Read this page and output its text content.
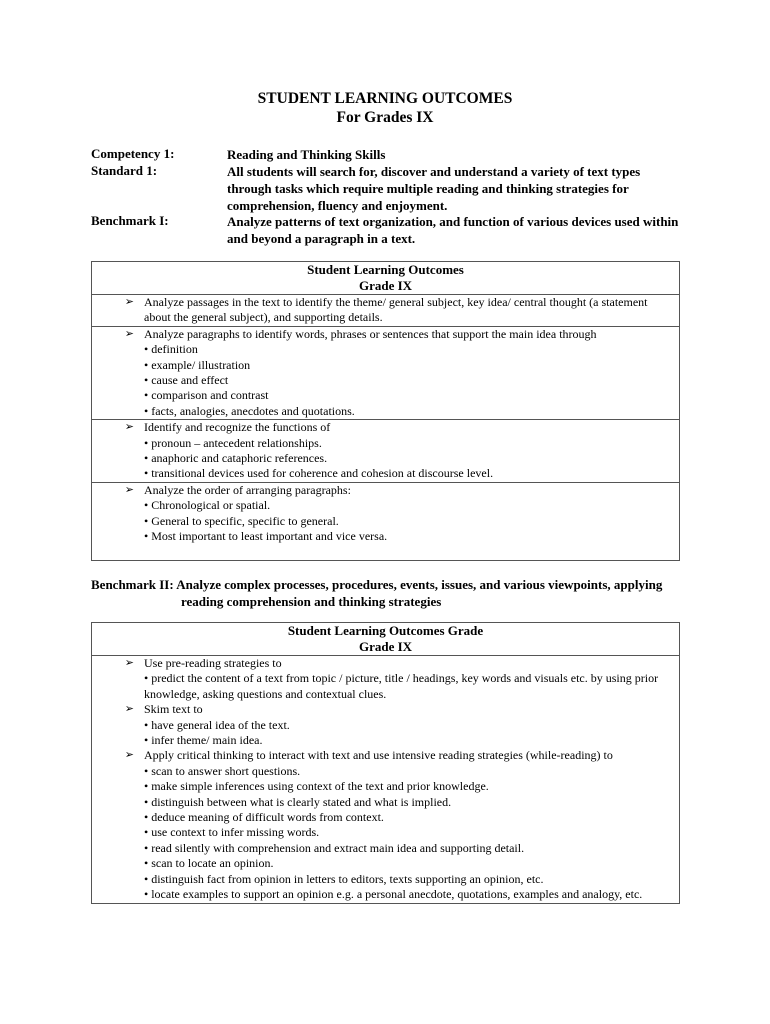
STUDENT LEARNING OUTCOMES
For Grades IX
Competency 1:	Reading and Thinking Skills
Standard 1:	All students will search for, discover and understand a variety of text types through tasks which require multiple reading and thinking strategies for comprehension, fluency and enjoyment.
Benchmark I:	Analyze patterns of text organization, and function of various devices used within and beyond a paragraph in a text.
Student Learning Outcomes
Grade IX

➢ Analyze passages in the text to identify the theme/ general subject, key idea/ central thought (a statement about the general subject), and supporting details.

➢ Analyze paragraphs to identify words, phrases or sentences that support the main idea through
• definition
• example/ illustration
• cause and effect
• comparison and contrast
• facts, analogies, anecdotes and quotations.

➢ Identify and recognize the functions of
• pronoun – antecedent relationships.
• anaphoric and cataphoric references.
• transitional devices used for coherence and cohesion at discourse level.

➢ Analyze the order of arranging paragraphs:
• Chronological or spatial.
• General to specific, specific to general.
• Most important to least important and vice versa.
Benchmark II: Analyze complex processes, procedures, events, issues, and various viewpoints, applying reading comprehension and thinking strategies
Student Learning Outcomes Grade
Grade IX

➢ Use pre-reading strategies to
• predict the content of a text from topic / picture, title / headings, key words and visuals etc. by using prior knowledge, asking questions and contextual clues.
➢ Skim text to
• have general idea of the text.
• infer theme/ main idea.
➢ Apply critical thinking to interact with text and use intensive reading strategies (while-reading) to
• scan to answer short questions.
• make simple inferences using context of the text and prior knowledge.
• distinguish between what is clearly stated and what is implied.
• deduce meaning of difficult words from context.
• use context to infer missing words.
• read silently with comprehension and extract main idea and supporting detail.
• scan to locate an opinion.
• distinguish fact from opinion in letters to editors, texts supporting an opinion, etc.
• locate examples to support an opinion e.g. a personal anecdote, quotations, examples and analogy, etc.
